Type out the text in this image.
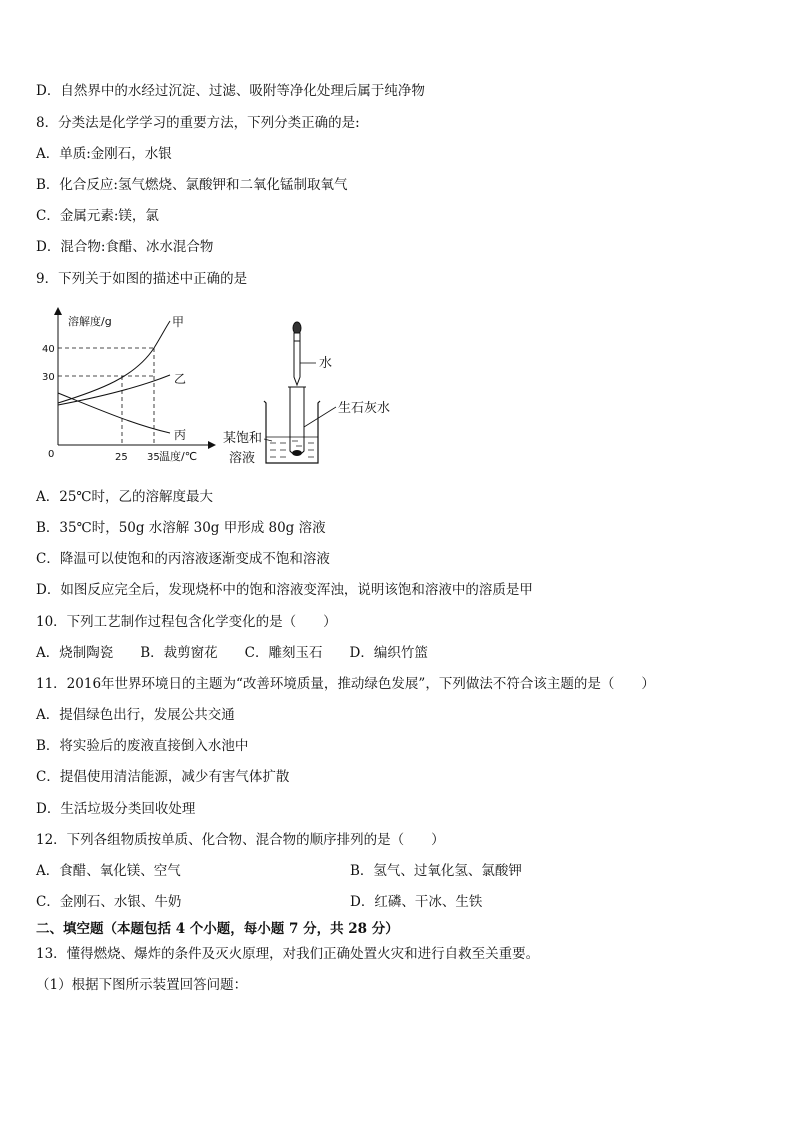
D．自然界中的水经过沉淀、过滤、吸附等净化处理后属于纯净物
8．分类法是化学学习的重要方法，下列分类正确的是:
A．单质:金刚石，水银
B．化合反应:氢气燃烧、氯酸钾和二氧化锰制取氧气
C．金属元素:镁，氯
D．混合物:食醋、冰水混合物
9．下列关于如图的描述中正确的是
溶解度/g
0
40
30
25 35 温度/℃
甲
乙
丙
水
生石灰水
某饱和
溶液
A．25℃时，乙的溶解度最大
B．35℃时，50g 水溶解 30g 甲形成 80g 溶液
C．降温可以使饱和的丙溶液逐渐变成不饱和溶液
D．如图反应完全后，发现烧杯中的饱和溶液变浑浊，说明该饱和溶液中的溶质是甲
10．下列工艺制作过程包含化学变化的是（　　）
A．烧制陶瓷　　B．裁剪窗花　　C．雕刻玉石　　D．编织竹篮
11．2016年世界环境日的主题为“改善环境质量，推动绿色发展”，下列做法不符合该主题的是（　　）
A．提倡绿色出行，发展公共交通
B．将实验后的废液直接倒入水池中
C．提倡使用清洁能源，减少有害气体扩散
D．生活垃圾分类回收处理
12．下列各组物质按单质、化合物、混合物的顺序排列的是（　　）
A．食醋、氧化镁、空气	B．氢气、过氧化氢、氯酸钾
C．金刚石、水银、牛奶	D．红磷、干冰、生铁
二、填空题（本题包括 4 个小题，每小题 7 分，共 28 分）
13．懂得燃烧、爆炸的条件及灭火原理，对我们正确处置火灾和进行自救至关重要。
（1）根据下图所示装置回答问题：
